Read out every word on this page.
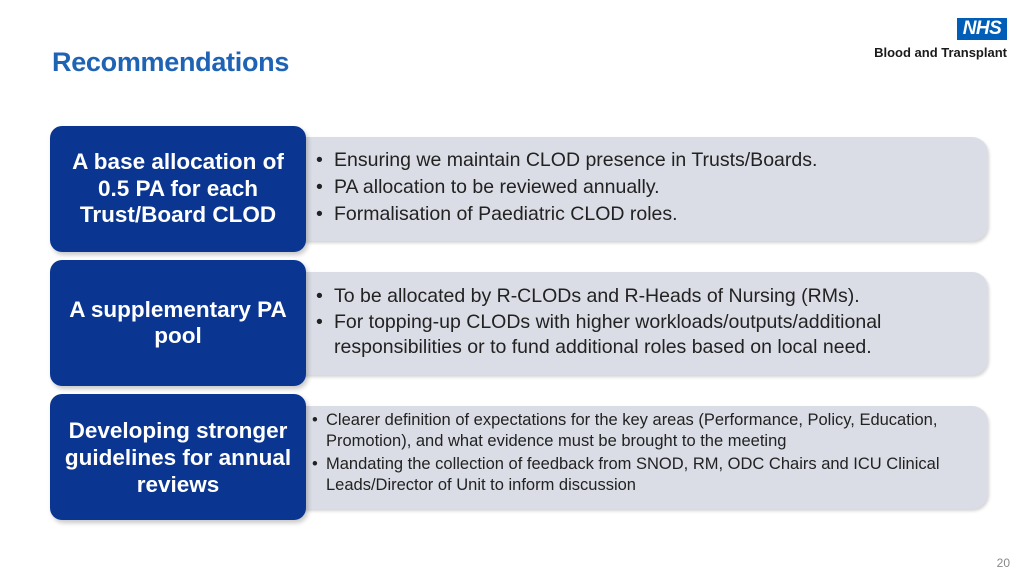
Recommendations
NHS
Blood and Transplant
• Ensuring we maintain CLOD presence in Trusts/Boards.
• PA allocation to be reviewed annually.
• Formalisation of Paediatric CLOD roles.
A base allocation of 0.5 PA for each Trust/Board CLOD
• To be allocated by R-CLODs and R-Heads of Nursing (RMs).
• For topping-up CLODs with higher workloads/outputs/additional responsibilities or to fund additional roles based on local need.
A supplementary PA pool
• Clearer definition of expectations for the key areas (Performance, Policy, Education, Promotion), and what evidence must be brought to the meeting
• Mandating the collection of feedback from SNOD, RM, ODC Chairs and ICU Clinical Leads/Director of Unit to inform discussion
Developing stronger guidelines for annual reviews
20
